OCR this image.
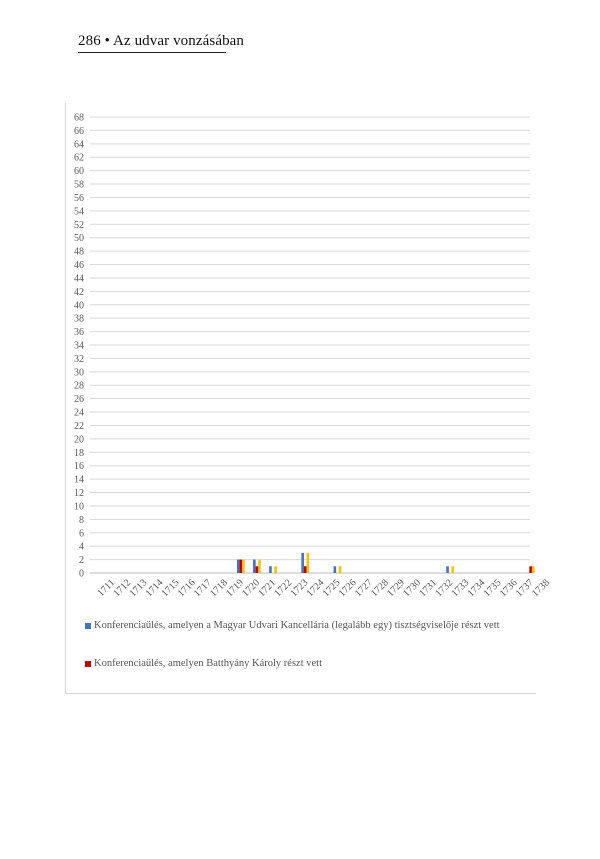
286 • Az udvar vonzásában
0
2
4
6
8
10
12
14
16
18
20
22
24
26
28
30
32
34
36
38
40
42
44
46
48
50
52
54
56
58
60
62
64
66
68
1711
1712
1713
1714
1715
1716
1717
1718
1719
1720
1721
1722
1723
1724
1725
1726
1727
1728
1729
1730
1731
1732
1733
1734
1735
1736
1737
1738
Konferenciaülés, amelyen a Magyar Udvari Kancellária (legalább egy) tisztségviselője részt vett
Konferenciaülés, amelyen Batthyány Károly részt vett
